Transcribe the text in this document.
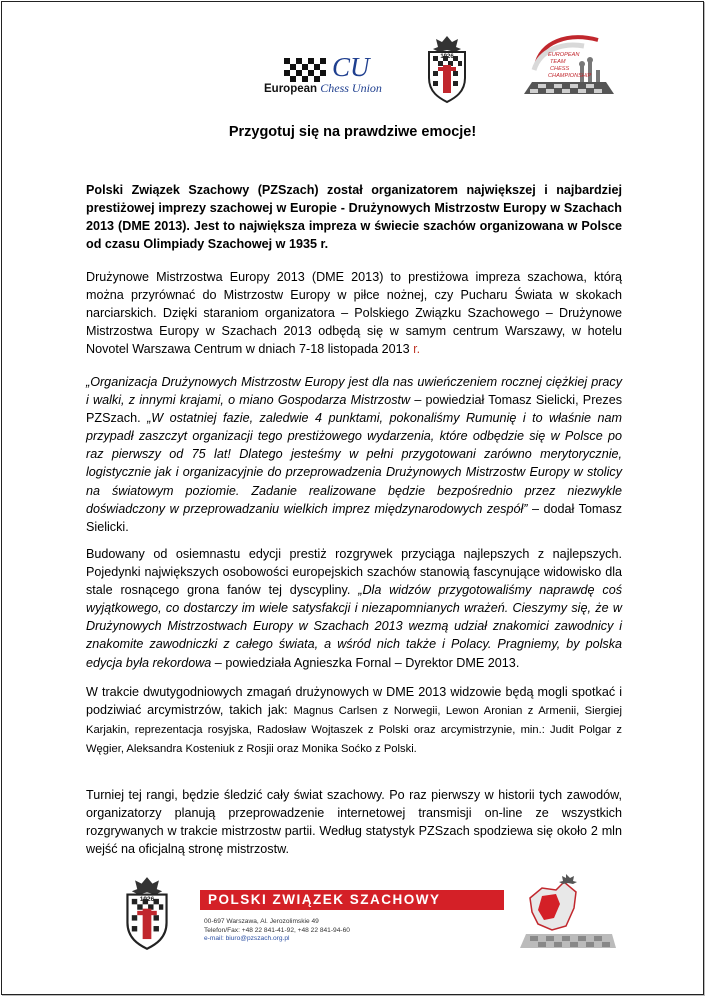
CU
European Chess Union
1926	EUROPEAN
TEAM
CHESS
CHAMPIONSHIP
Przygotuj się na prawdziwe emocje!

Polski Związek Szachowy (PZSzach) został organizatorem największej i najbardziej prestiżowej imprezy szachowej w Europie - Drużynowych Mistrzostw Europy w Szachach 2013 (DME 2013). Jest to największa impreza w świecie szachów organizowana w Polsce od czasu Olimpiady Szachowej w 1935 r.

Drużynowe Mistrzostwa Europy 2013 (DME 2013) to prestiżowa impreza szachowa, którą można przyrównać do Mistrzostw Europy w piłce nożnej, czy Pucharu Świata w skokach narciarskich. Dzięki staraniom organizatora – Polskiego Związku Szachowego – Drużynowe Mistrzostwa Europy w Szachach 2013 odbędą się w samym centrum Warszawy, w hotelu Novotel Warszawa Centrum w dniach 7-18 listopada 2013 r.

„Organizacja Drużynowych Mistrzostw Europy jest dla nas uwieńczeniem rocznej ciężkiej pracy i walki, z innymi krajami, o miano Gospodarza Mistrzostw – powiedział Tomasz Sielicki, Prezes PZSzach. „W ostatniej fazie, zaledwie 4 punktami, pokonaliśmy Rumunię i to właśnie nam przypadł zaszczyt organizacji tego prestiżowego wydarzenia, które odbędzie się w Polsce po raz pierwszy od 75 lat! Dlatego jesteśmy w pełni przygotowani zarówno merytorycznie, logistycznie jak i organizacyjnie do przeprowadzenia Drużynowych Mistrzostw Europy w stolicy na światowym poziomie. Zadanie realizowane będzie bezpośrednio przez niezwykle doświadczony w przeprowadzaniu wielkich imprez międzynarodowych zespół” – dodał Tomasz Sielicki.

Budowany od osiemnastu edycji prestiż rozgrywek przyciąga najlepszych z najlepszych. Pojedynki największych osobowości europejskich szachów stanowią fascynujące widowisko dla stale rosnącego grona fanów tej dyscypliny. „Dla widzów przygotowaliśmy naprawdę coś wyjątkowego, co dostarczy im wiele satysfakcji i niezapomnianych wrażeń. Cieszymy się, że w Drużynowych Mistrzostwach Europy w Szachach 2013 wezmą udział znakomici zawodnicy i znakomite zawodniczki z całego świata, a wśród nich także i Polacy. Pragniemy, by polska edycja była rekordowa – powiedziała Agnieszka Fornal – Dyrektor DME 2013.

W trakcie dwutygodniowych zmagań drużynowych w DME 2013 widzowie będą mogli spotkać i podziwiać arcymistrzów, takich jak: Magnus Carlsen z Norwegii, Lewon Aronian z Armenii, Siergiej Karjakin, reprezentacja rosyjska, Radosław Wojtaszek z Polski oraz arcymistrzynie, min.: Judit Polgar z Węgier, Aleksandra Kosteniuk z Rosjii oraz Monika Soćko z Polski.

Turniej tej rangi, będzie śledzić cały świat szachowy. Po raz pierwszy w historii tych zawodów, organizatorzy planują przeprowadzenie internetowej transmisji on-line ze wszystkich rozgrywanych w trakcie mistrzostw partii. Według statystyk PZSzach spodziewa się około 2 mln wejść na oficjalną stronę mistrzostw.

1926	POLSKI ZWIĄZEK SZACHOWY
00-697 Warszawa, Al. Jerozolimskie 49
Telefon/Fax: +48 22 841-41-92, +48 22 841-94-60
e-mail: biuro@pzszach.org.pl
